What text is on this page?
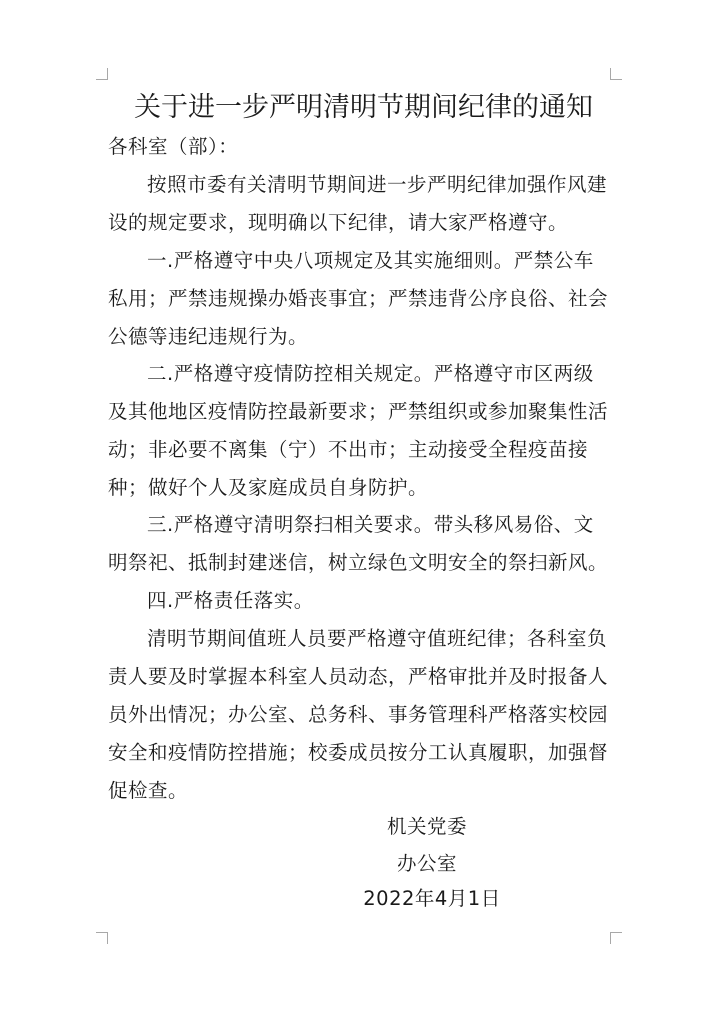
关于进一步严明清明节期间纪律的通知

各科室（部）：

按照市委有关清明节期间进一步严明纪律加强作风建设的规定要求，现明确以下纪律，请大家严格遵守。

一.严格遵守中央八项规定及其实施细则。严禁公车私用；严禁违规操办婚丧事宜；严禁违背公序良俗、社会公德等违纪违规行为。

二.严格遵守疫情防控相关规定。严格遵守市区两级及其他地区疫情防控最新要求；严禁组织或参加聚集性活动；非必要不离集（宁）不出市；主动接受全程疫苗接种；做好个人及家庭成员自身防护。

三.严格遵守清明祭扫相关要求。带头移风易俗、文明祭祀、抵制封建迷信，树立绿色文明安全的祭扫新风。

四.严格责任落实。

清明节期间值班人员要严格遵守值班纪律；各科室负责人要及时掌握本科室人员动态，严格审批并及时报备人员外出情况；办公室、总务科、事务管理科严格落实校园安全和疫情防控措施；校委成员按分工认真履职，加强督促检查。

机关党委
办公室
2022年4月1日
